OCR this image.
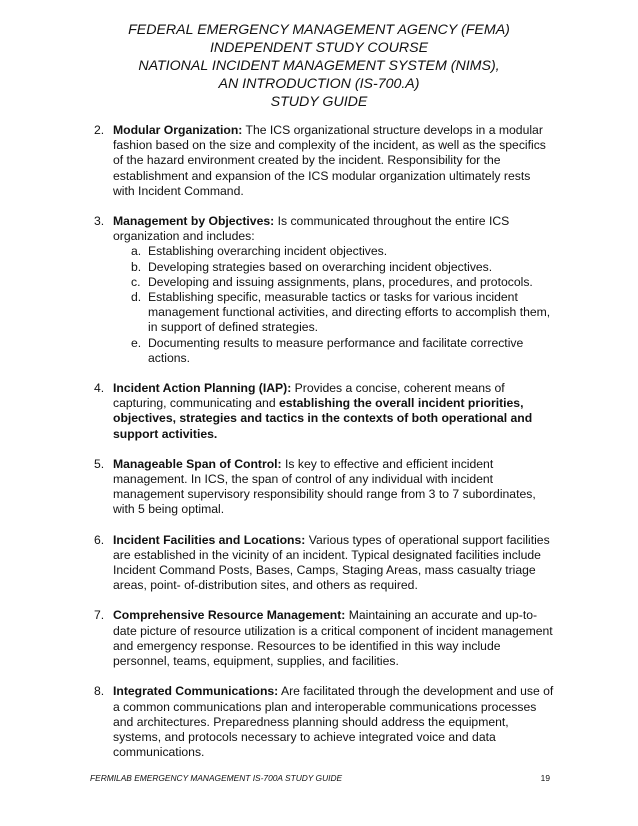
FEDERAL EMERGENCY MANAGEMENT AGENCY (FEMA)
INDEPENDENT STUDY COURSE
NATIONAL INCIDENT MANAGEMENT SYSTEM (NIMS),
AN INTRODUCTION (IS-700.A)
STUDY GUIDE
2. Modular Organization: The ICS organizational structure develops in a modular fashion based on the size and complexity of the incident, as well as the specifics of the hazard environment created by the incident. Responsibility for the establishment and expansion of the ICS modular organization ultimately rests with Incident Command.
3. Management by Objectives: Is communicated throughout the entire ICS organization and includes:
a. Establishing overarching incident objectives.
b. Developing strategies based on overarching incident objectives.
c. Developing and issuing assignments, plans, procedures, and protocols.
d. Establishing specific, measurable tactics or tasks for various incident management functional activities, and directing efforts to accomplish them, in support of defined strategies.
e. Documenting results to measure performance and facilitate corrective actions.
4. Incident Action Planning (IAP): Provides a concise, coherent means of capturing, communicating and establishing the overall incident priorities, objectives, strategies and tactics in the contexts of both operational and support activities.
5. Manageable Span of Control: Is key to effective and efficient incident management. In ICS, the span of control of any individual with incident management supervisory responsibility should range from 3 to 7 subordinates, with 5 being optimal.
6. Incident Facilities and Locations: Various types of operational support facilities are established in the vicinity of an incident. Typical designated facilities include Incident Command Posts, Bases, Camps, Staging Areas, mass casualty triage areas, point- of-distribution sites, and others as required.
7. Comprehensive Resource Management: Maintaining an accurate and up-to-date picture of resource utilization is a critical component of incident management and emergency response. Resources to be identified in this way include personnel, teams, equipment, supplies, and facilities.
8. Integrated Communications: Are facilitated through the development and use of a common communications plan and interoperable communications processes and architectures. Preparedness planning should address the equipment, systems, and protocols necessary to achieve integrated voice and data communications.
FERMILAB EMERGENCY MANAGEMENT IS-700A STUDY GUIDE	19
